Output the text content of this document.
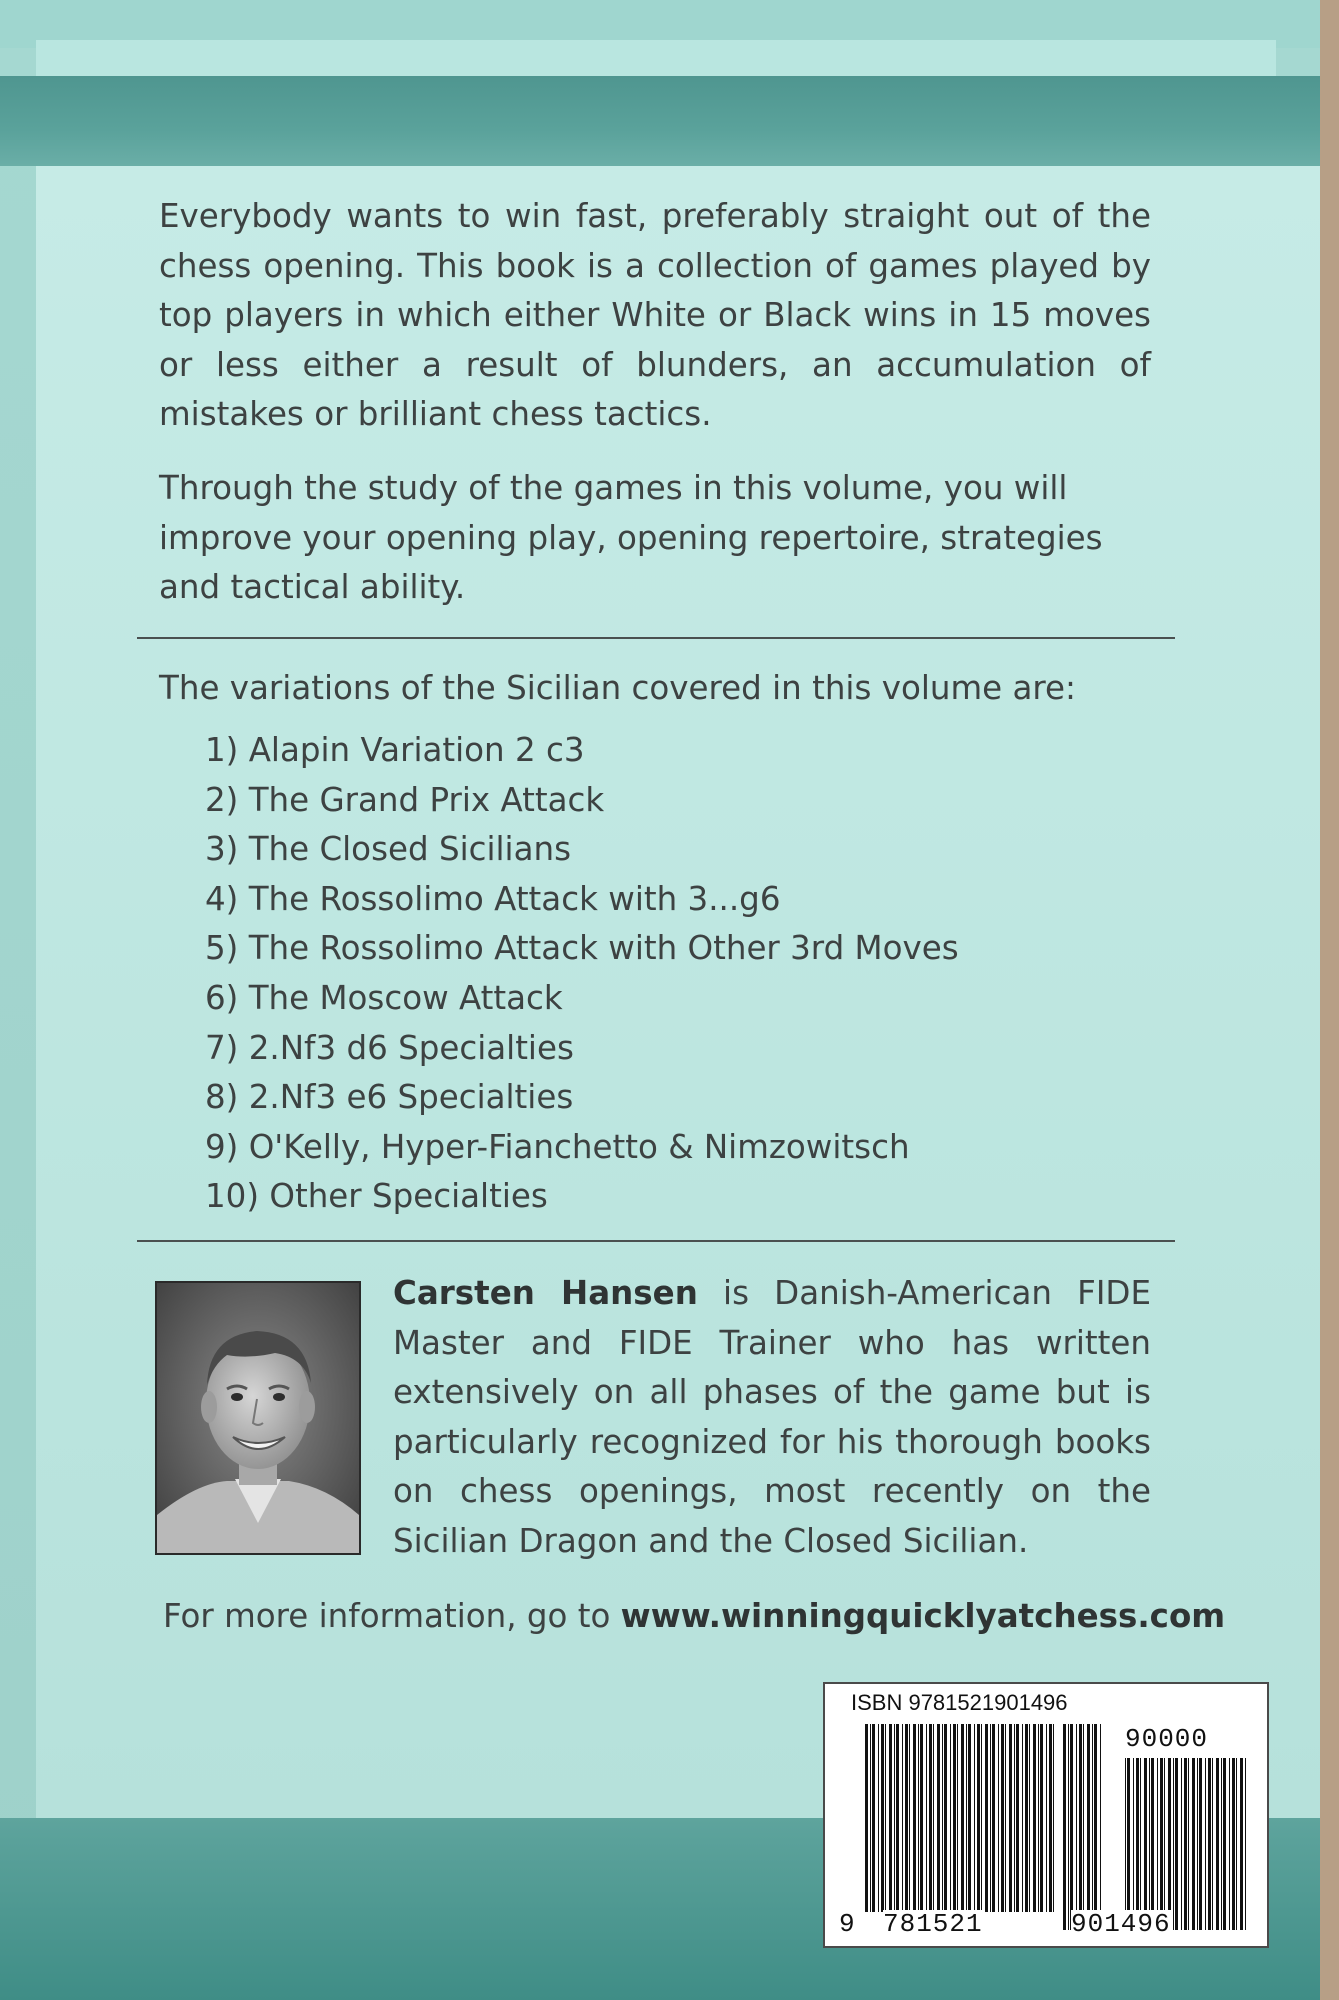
Everybody wants to win fast, preferably straight out of the chess opening. This book is a collection of games played by top players in which either White or Black wins in 15 moves or less either a result of blunders, an accumulation of mistakes or brilliant chess tactics.

Through the study of the games in this volume, you will improve your opening play, opening repertoire, strategies and tactical ability.

The variations of the Sicilian covered in this volume are:

1) Alapin Variation 2 c3
2) The Grand Prix Attack
3) The Closed Sicilians
4) The Rossolimo Attack with 3...g6
5) The Rossolimo Attack with Other 3rd Moves
6) The Moscow Attack
7) 2.Nf3 d6 Specialties
8) 2.Nf3 e6 Specialties
9) O'Kelly, Hyper-Fianchetto & Nimzowitsch
10) Other Specialties

Carsten Hansen is Danish-American FIDE Master and FIDE Trainer who has written extensively on all phases of the game but is particularly recognized for his thorough books on chess openings, most recently on the Sicilian Dragon and the Closed Sicilian.

For more information, go to www.winningquicklyatchess.com

ISBN 9781521901496
9 781521	901496
90000
